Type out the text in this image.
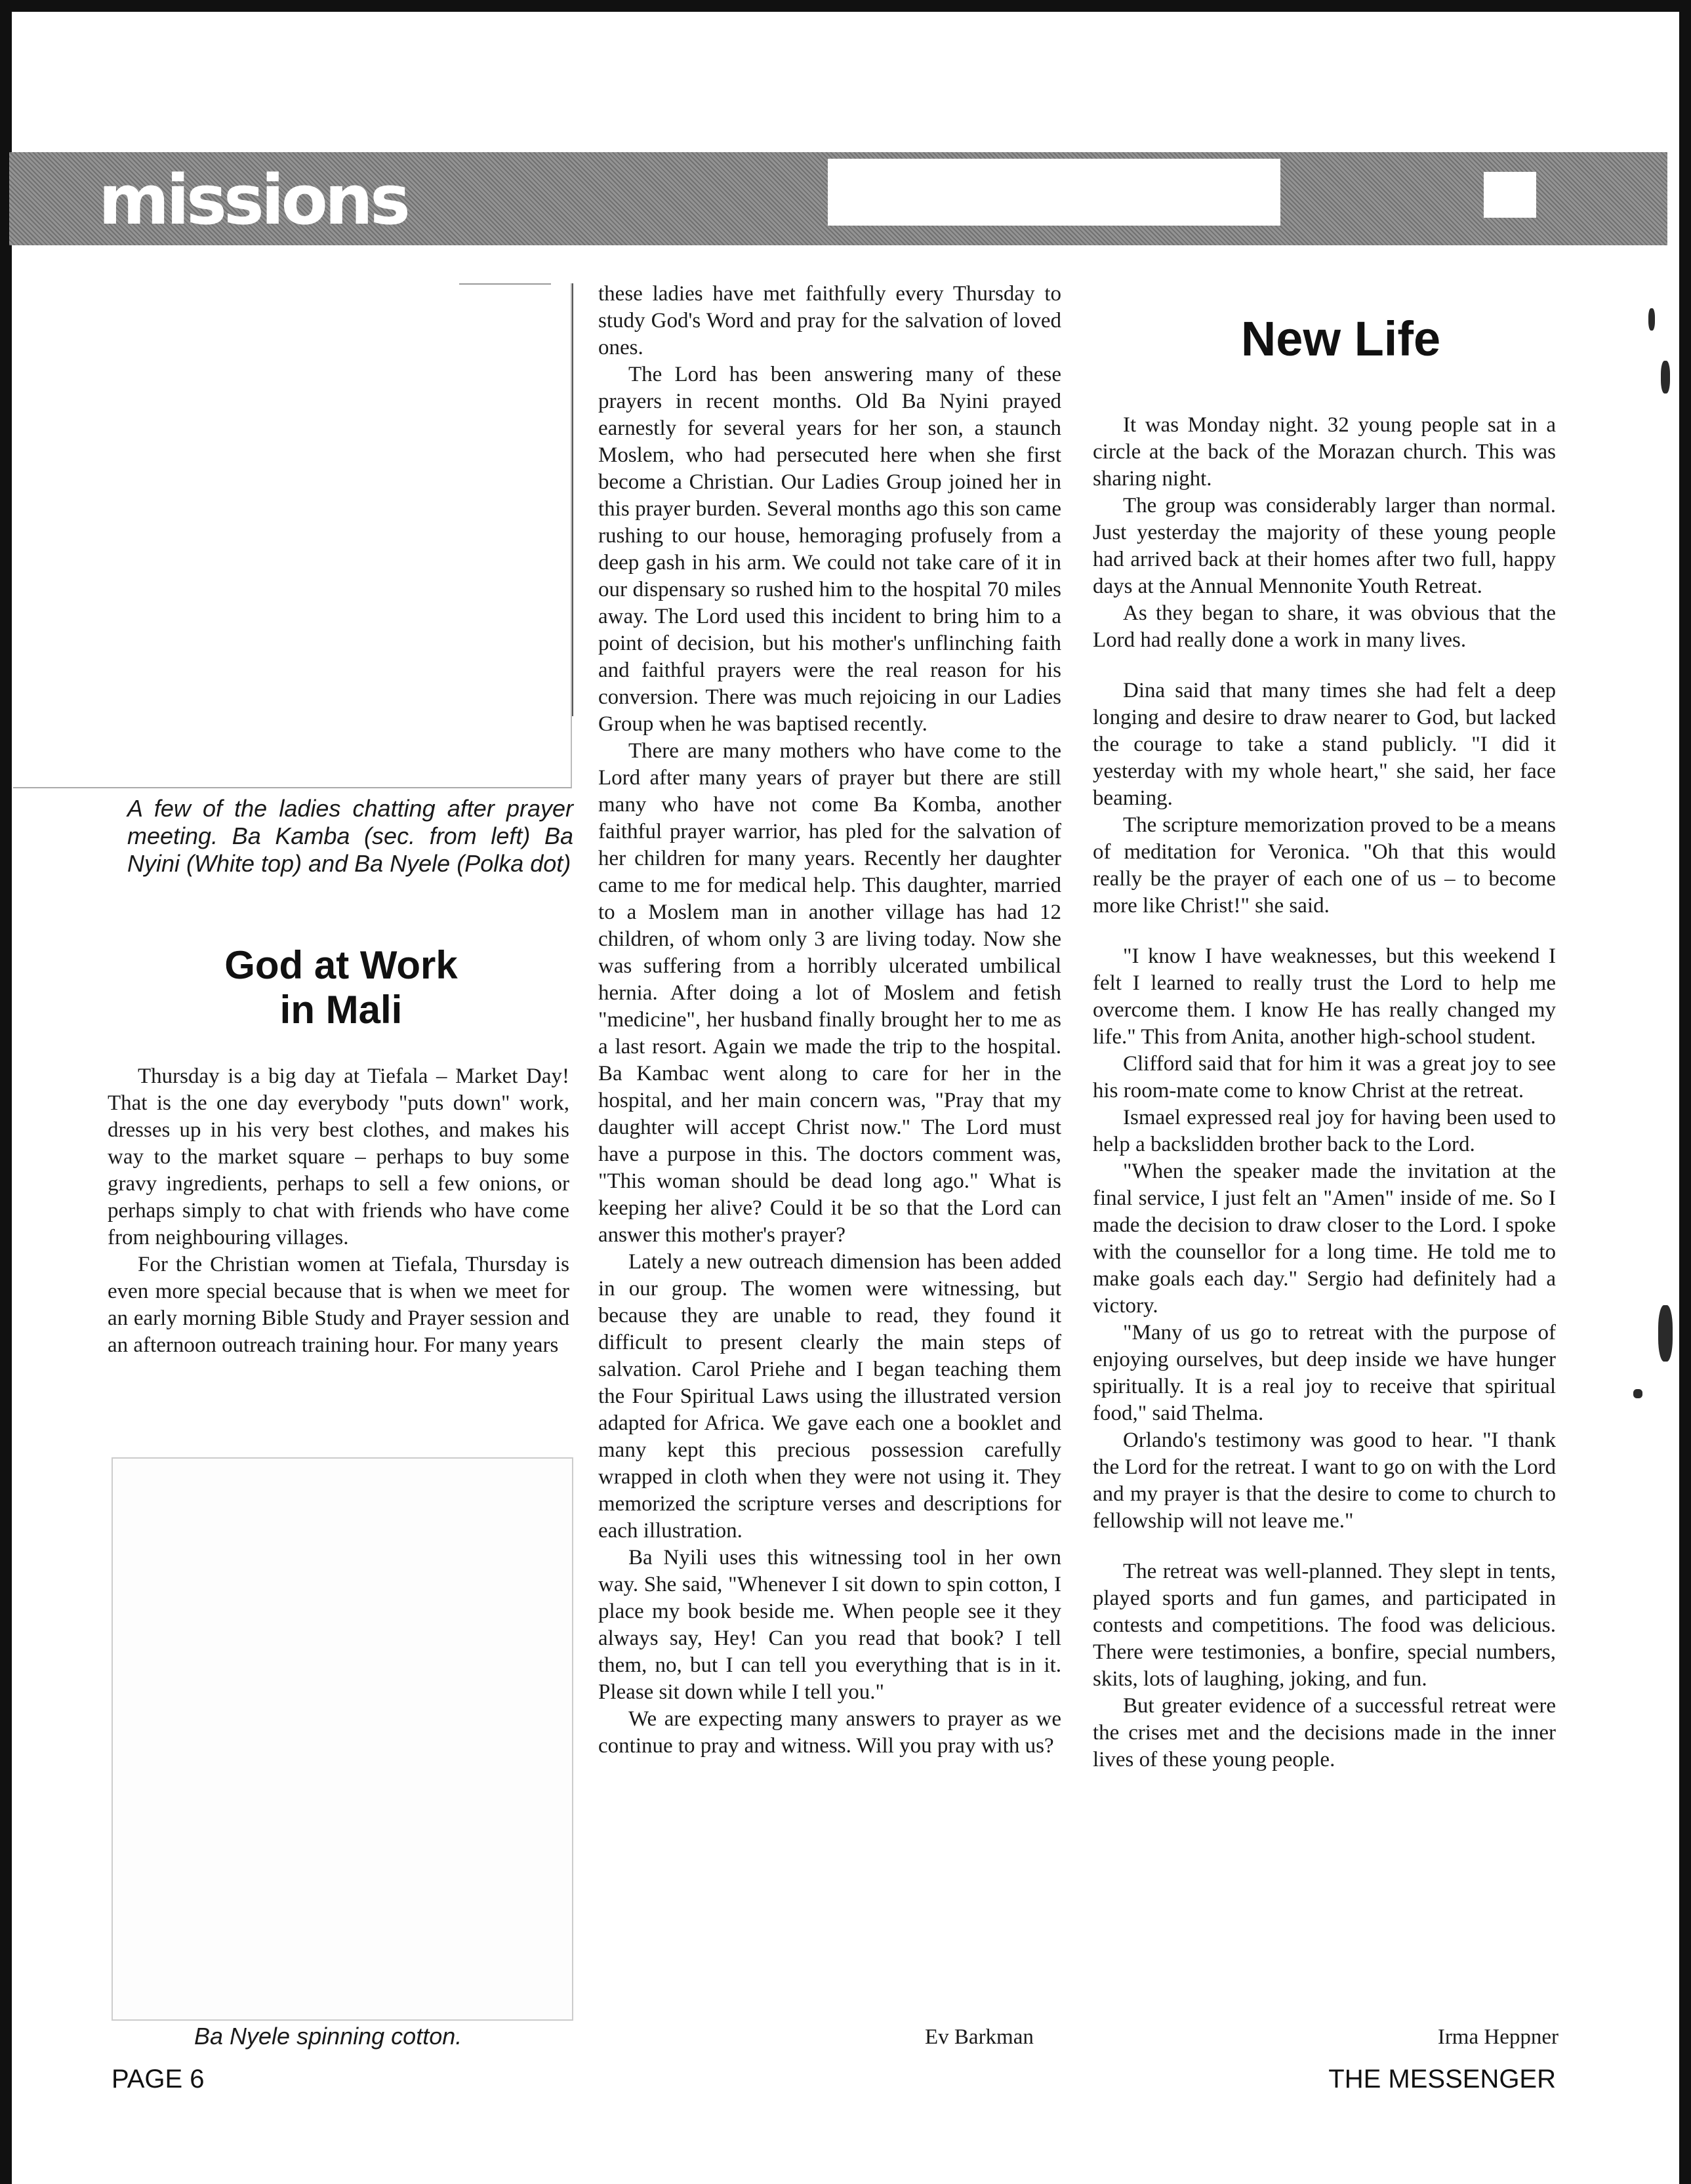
missions
A few of the ladies chatting after prayer meeting. Ba Kamba (sec. from left) Ba Nyini (White top) and Ba Nyele (Polka dot)
God at Work
in Mali

Thursday is a big day at Tiefala – Market Day! That is the one day everybody "puts down" work, dresses up in his very best clothes, and makes his way to the market square – perhaps to buy some gravy ingredients, perhaps to sell a few onions, or perhaps simply to chat with friends who have come from neighbouring villages.

For the Christian women at Tiefala, Thursday is even more special because that is when we meet for an early morning Bible Study and Prayer session and an afternoon outreach training hour. For many years

Ba Nyele spinning cotton.

these ladies have met faithfully every Thursday to study God's Word and pray for the salvation of loved ones.

The Lord has been answering many of these prayers in recent months. Old Ba Nyini prayed earnestly for several years for her son, a staunch Moslem, who had persecuted here when she first become a Christian. Our Ladies Group joined her in this prayer burden. Several months ago this son came rushing to our house, hemoraging profusely from a deep gash in his arm. We could not take care of it in our dispensary so rushed him to the hospital 70 miles away. The Lord used this incident to bring him to a point of decision, but his mother's unflinching faith and faithful prayers were the real reason for his conversion. There was much rejoicing in our Ladies Group when he was baptised recently.

There are many mothers who have come to the Lord after many years of prayer but there are still many who have not come Ba Komba, another faithful prayer warrior, has pled for the salvation of her children for many years. Recently her daughter came to me for medical help. This daughter, married to a Moslem man in another village has had 12 children, of whom only 3 are living today. Now she was suffering from a horribly ulcerated umbilical hernia. After doing a lot of Moslem and fetish "medicine", her husband finally brought her to me as a last resort. Again we made the trip to the hospital. Ba Kambac went along to care for her in the hospital, and her main concern was, "Pray that my daughter will accept Christ now." The Lord must have a purpose in this. The doctors comment was, "This woman should be dead long ago." What is keeping her alive? Could it be so that the Lord can answer this mother's prayer?

Lately a new outreach dimension has been added in our group. The women were witnessing, but because they are unable to read, they found it difficult to present clearly the main steps of salvation. Carol Priehe and I began teaching them the Four Spiritual Laws using the illustrated version adapted for Africa. We gave each one a booklet and many kept this precious possession carefully wrapped in cloth when they were not using it. They memorized the scripture verses and descriptions for each illustration.

Ba Nyili uses this witnessing tool in her own way. She said, "Whenever I sit down to spin cotton, I place my book beside me. When people see it they always say, Hey! Can you read that book? I tell them, no, but I can tell you everything that is in it. Please sit down while I tell you."

We are expecting many answers to prayer as we continue to pray and witness. Will you pray with us?

Ev Barkman
New Life

It was Monday night. 32 young people sat in a circle at the back of the Morazan church. This was sharing night.

The group was considerably larger than normal. Just yesterday the majority of these young people had arrived back at their homes after two full, happy days at the Annual Mennonite Youth Retreat.

As they began to share, it was obvious that the Lord had really done a work in many lives.

Dina said that many times she had felt a deep longing and desire to draw nearer to God, but lacked the courage to take a stand publicly. "I did it yesterday with my whole heart," she said, her face beaming.

The scripture memorization proved to be a means of meditation for Veronica. "Oh that this would really be the prayer of each one of us – to become more like Christ!" she said.

"I know I have weaknesses, but this weekend I felt I learned to really trust the Lord to help me overcome them. I know He has really changed my life." This from Anita, another high-school student.

Clifford said that for him it was a great joy to see his room-mate come to know Christ at the retreat.

Ismael expressed real joy for having been used to help a backslidden brother back to the Lord.

"When the speaker made the invitation at the final service, I just felt an "Amen" inside of me. So I made the decision to draw closer to the Lord. I spoke with the counsellor for a long time. He told me to make goals each day." Sergio had definitely had a victory.

"Many of us go to retreat with the purpose of enjoying ourselves, but deep inside we have hunger spiritually. It is a real joy to receive that spiritual food," said Thelma.

Orlando's testimony was good to hear. "I thank the Lord for the retreat. I want to go on with the Lord and my prayer is that the desire to come to church to fellowship will not leave me."

The retreat was well-planned. They slept in tents, played sports and fun games, and participated in contests and competitions. The food was delicious. There were testimonies, a bonfire, special numbers, skits, lots of laughing, joking, and fun.

But greater evidence of a successful retreat were the crises met and the decisions made in the inner lives of these young people.

Irma Heppner
PAGE 6	THE MESSENGER
